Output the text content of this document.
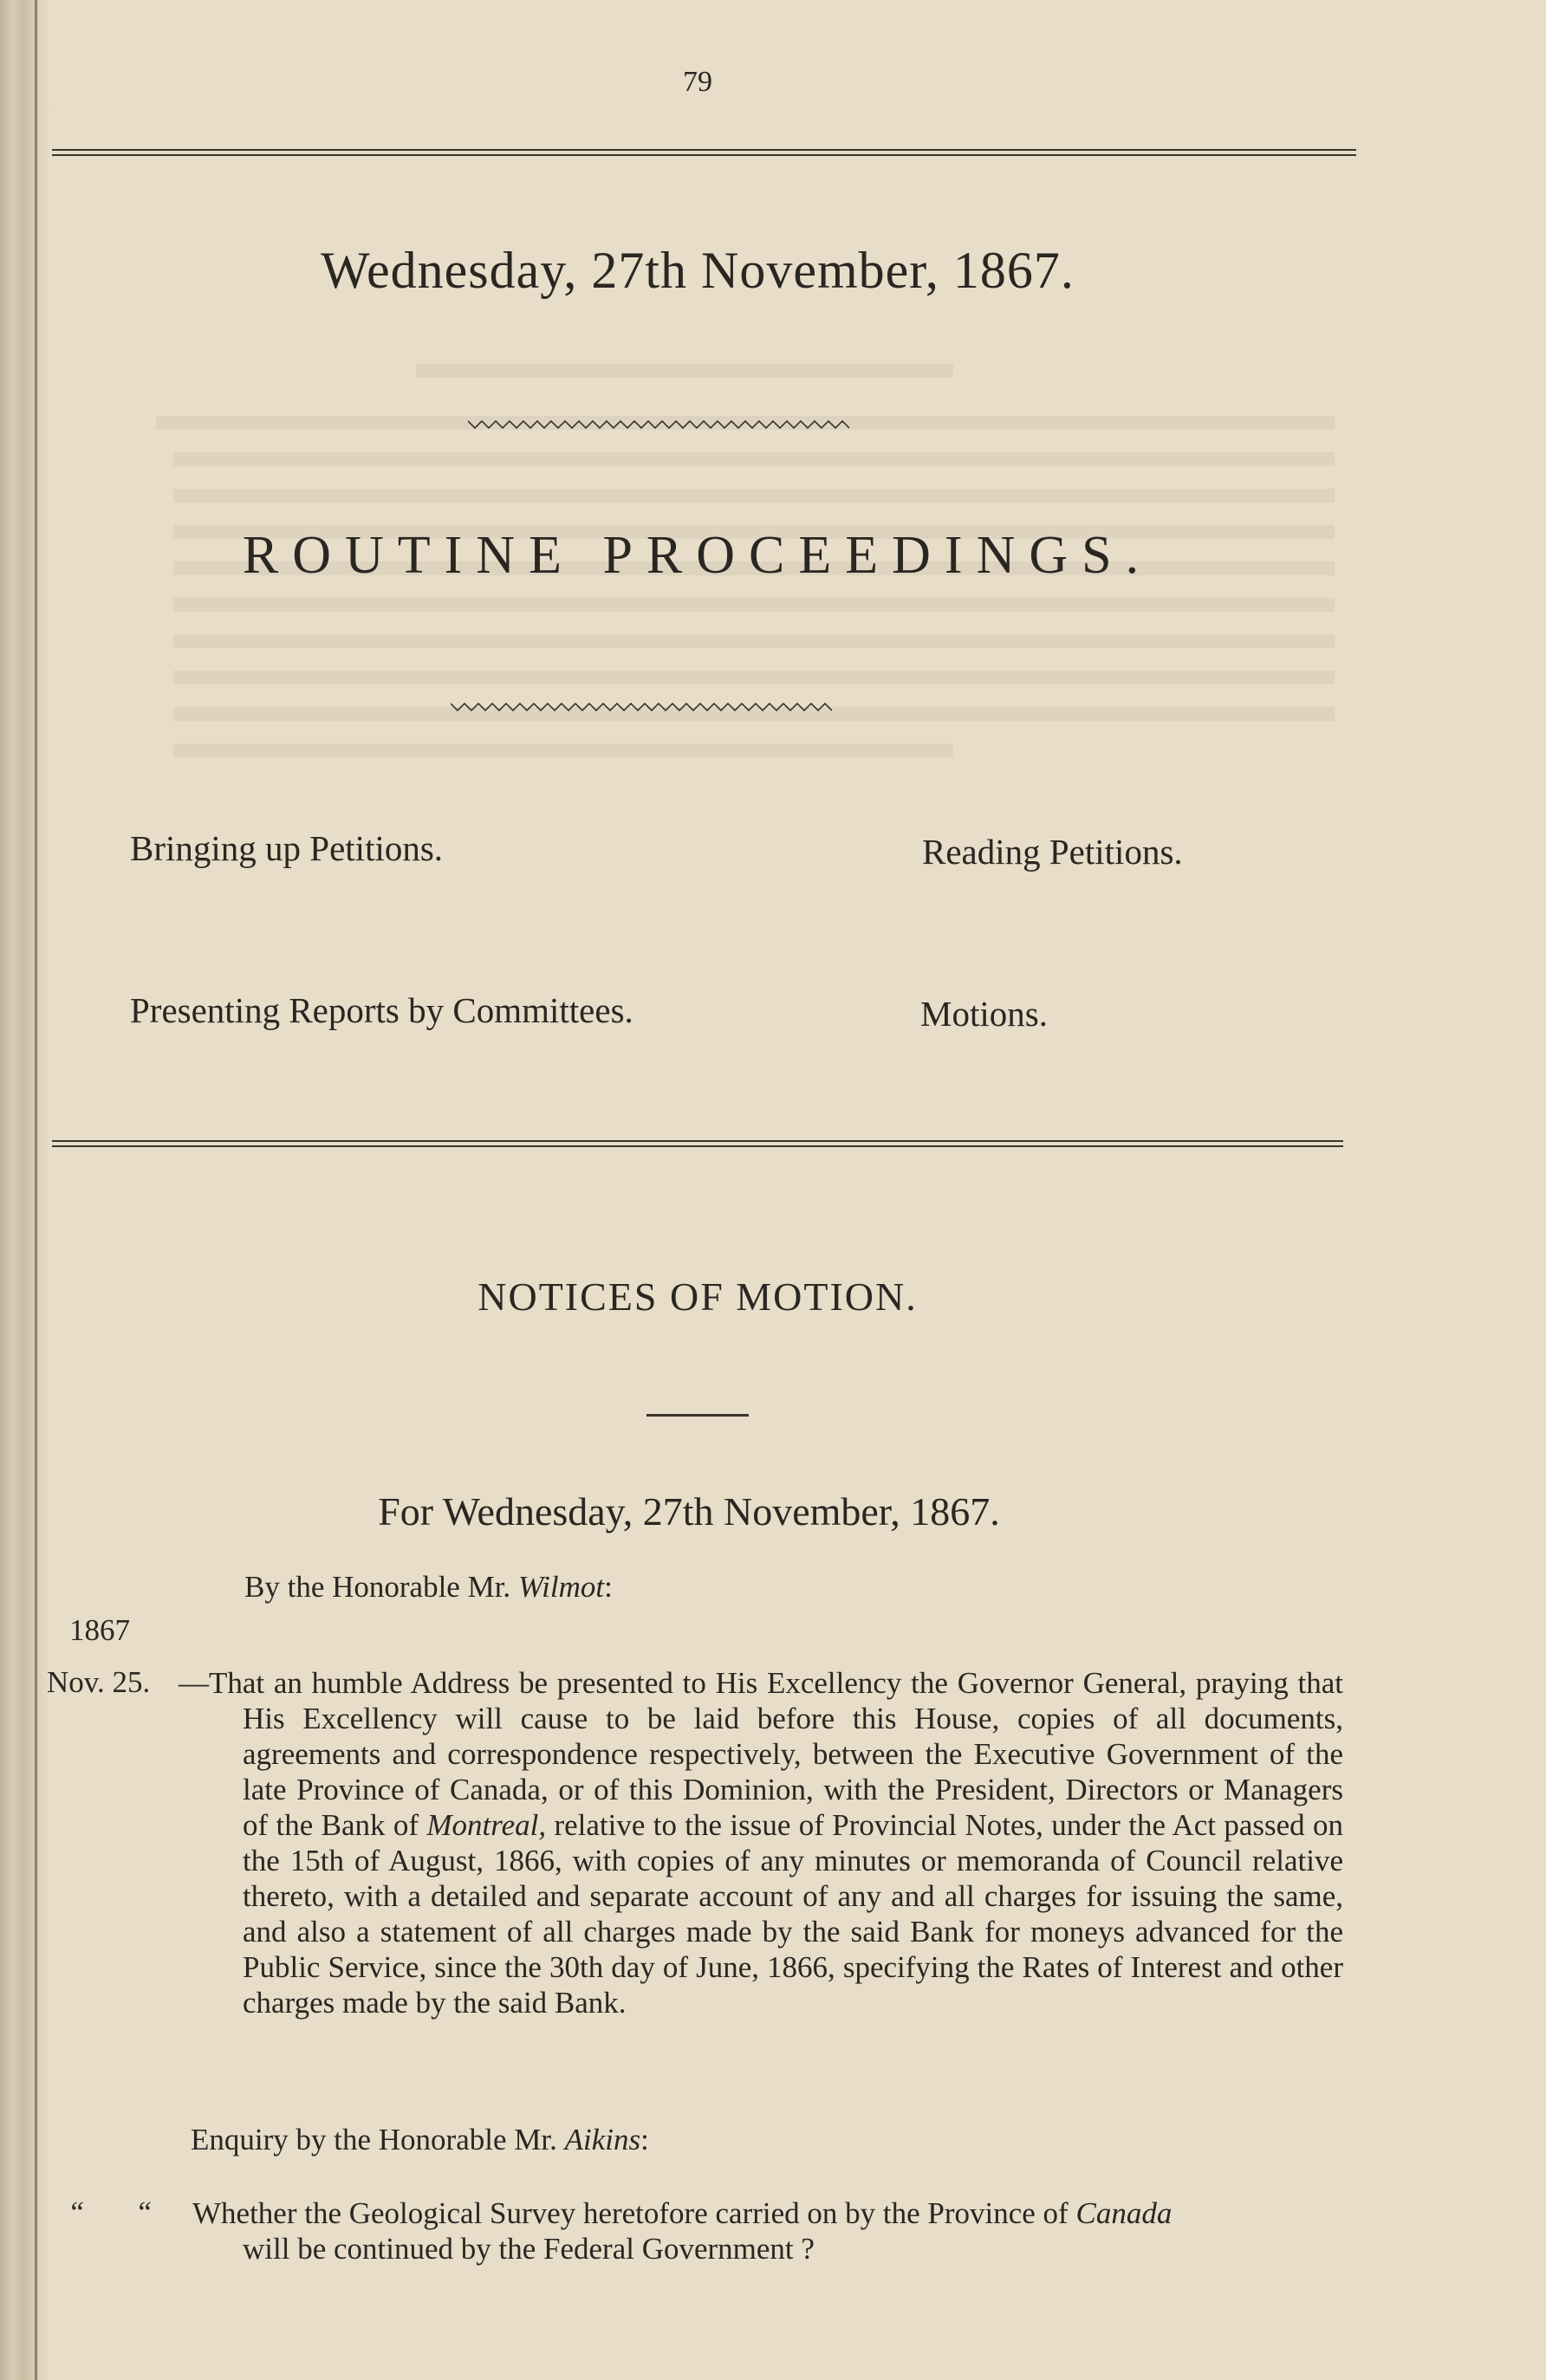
79
Wednesday, 27th November, 1867.
ROUTINE PROCEEDINGS.
Bringing up Petitions.	Reading Petitions.
Presenting Reports by Committees.	Motions.
NOTICES OF MOTION.
For Wednesday, 27th November, 1867.
By the Honorable Mr. Wilmot:
1867
Nov. 25. —That an humble Address be presented to His Excellency the Governor General, praying that His Excellency will cause to be laid before this House, copies of all documents, agreements and correspondence respectively, between the Executive Government of the late Province of Canada, or of this Dominion, with the President, Directors or Managers of the Bank of Montreal, relative to the issue of Provincial Notes, under the Act passed on the 15th of August, 1866, with copies of any minutes or memoranda of Council relative thereto, with a detailed and separate account of any and all charges for issuing the same, and also a statement of all charges made by the said Bank for moneys advanced for the Public Service, since the 30th day of June, 1866, specifying the Rates of Interest and other charges made by the said Bank.
Enquiry by the Honorable Mr. Aikins:
“ “ Whether the Geological Survey heretofore carried on by the Province of Canada
will be continued by the Federal Government ?
